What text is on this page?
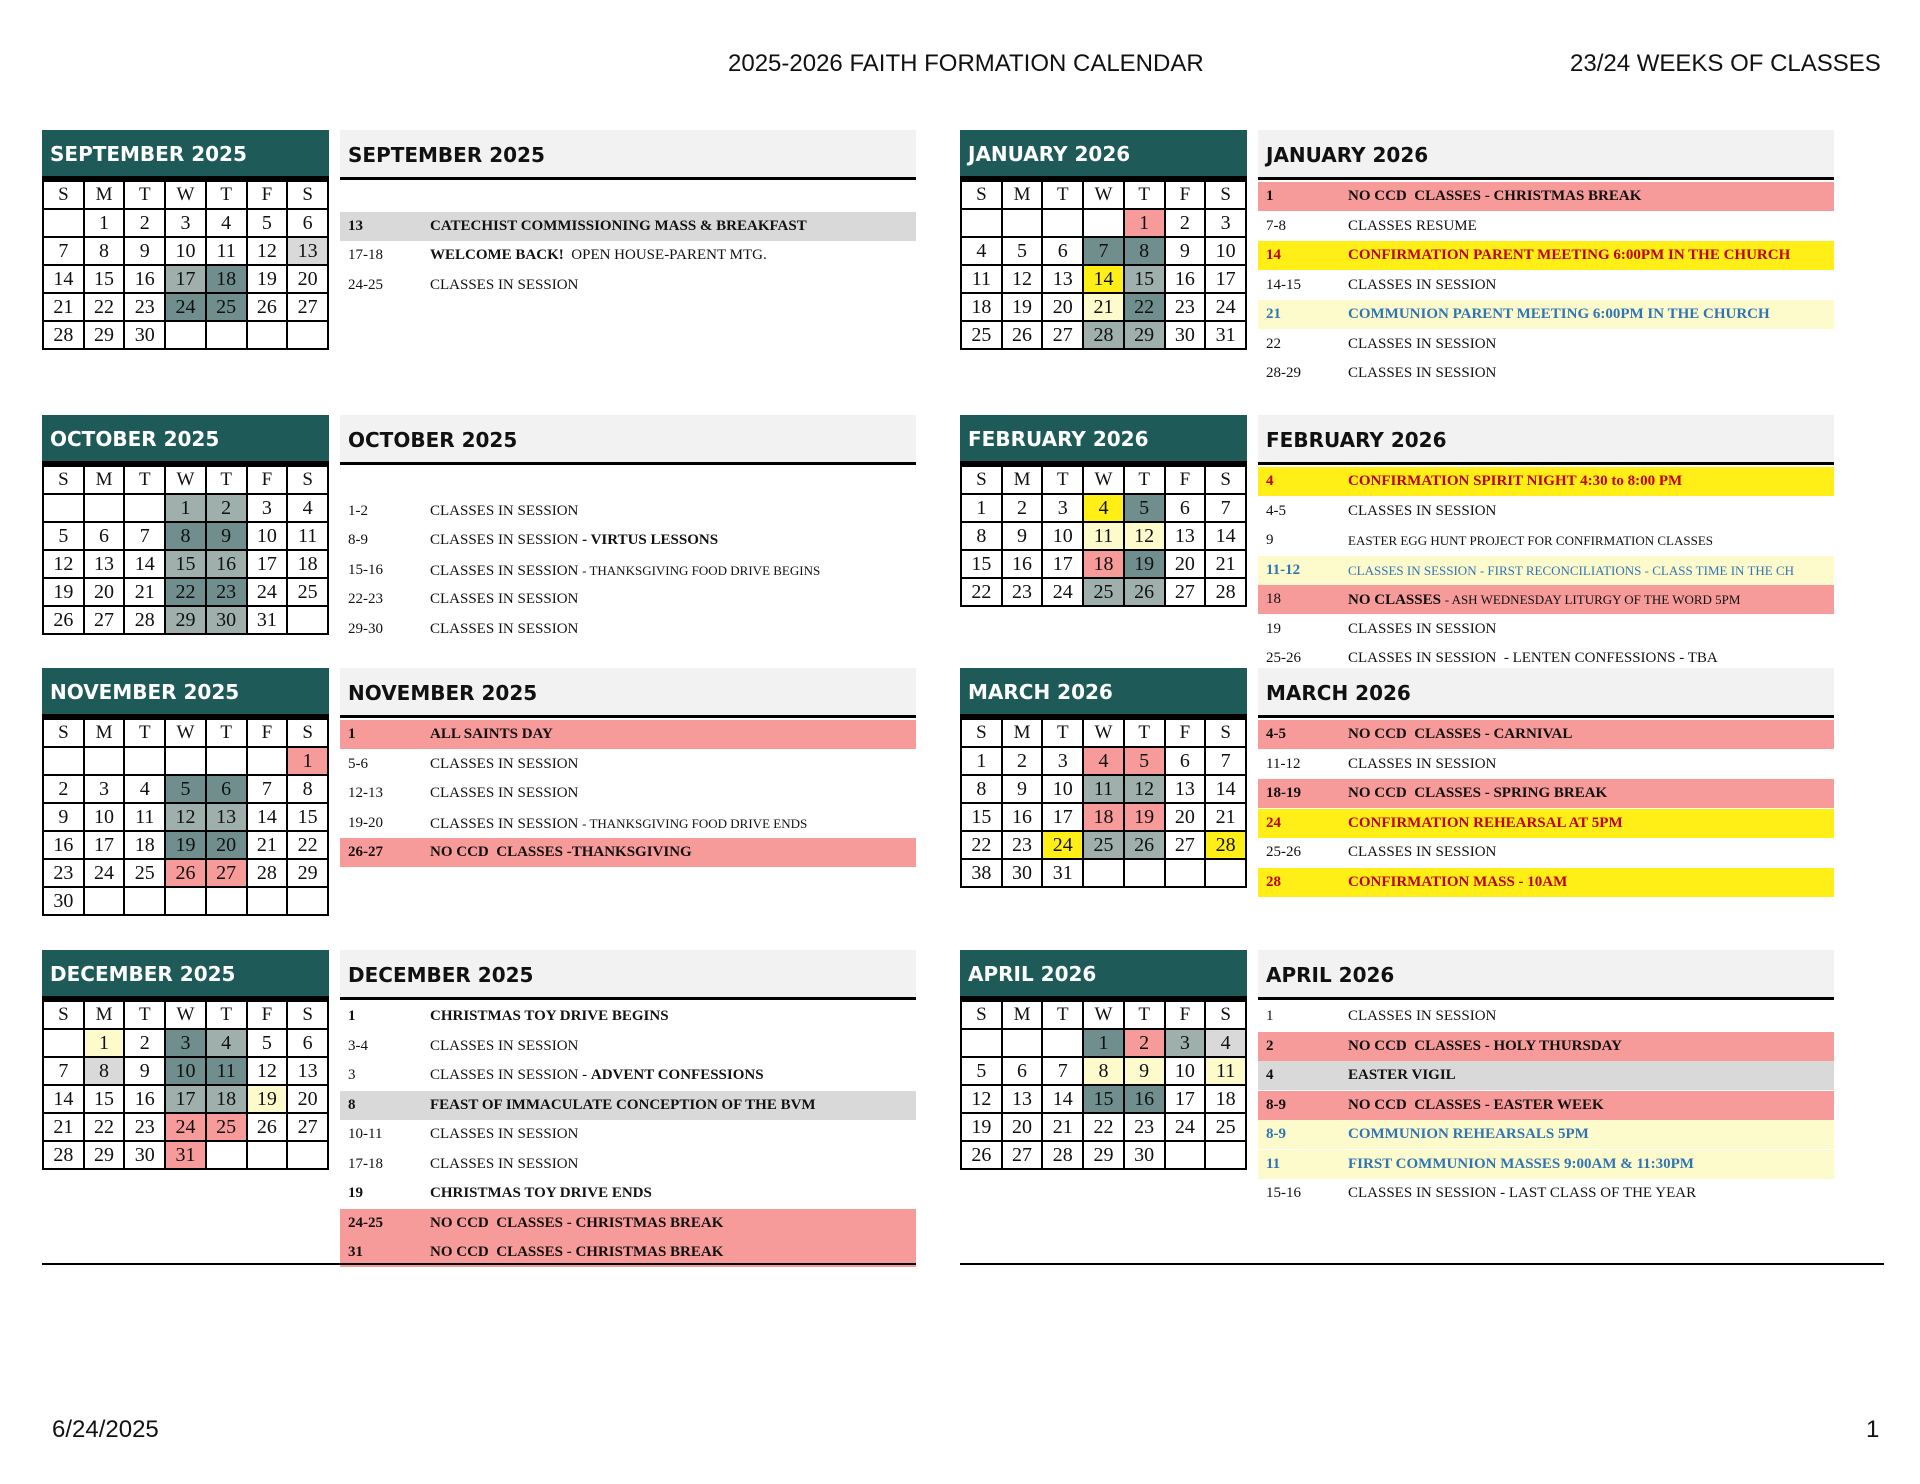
2025-2026 FAITH FORMATION CALENDAR	23/24 WEEKS OF CLASSES
SEPTEMBER 2025
S	M	T	W	T	F	S
	1	2	3	4	5	6
7	8	9	10	11	12	13
14	15	16	17	18	19	20
21	22	23	24	25	26	27
28	29	30				
SEPTEMBER 2025
13	CATECHIST COMMISSIONING MASS & BREAKFAST
17-18	WELCOME BACK!  OPEN HOUSE-PARENT MTG.
24-25	CLASSES IN SESSION
OCTOBER 2025
S	M	T	W	T	F	S
			1	2	3	4
5	6	7	8	9	10	11
12	13	14	15	16	17	18
19	20	21	22	23	24	25
26	27	28	29	30	31	
OCTOBER 2025
1-2	CLASSES IN SESSION
8-9	CLASSES IN SESSION - VIRTUS LESSONS
15-16	CLASSES IN SESSION - THANKSGIVING FOOD DRIVE BEGINS
22-23	CLASSES IN SESSION
29-30	CLASSES IN SESSION
NOVEMBER 2025
S	M	T	W	T	F	S
						1
2	3	4	5	6	7	8
9	10	11	12	13	14	15
16	17	18	19	20	21	22
23	24	25	26	27	28	29
30						
NOVEMBER 2025
1	ALL SAINTS DAY
5-6	CLASSES IN SESSION
12-13	CLASSES IN SESSION
19-20	CLASSES IN SESSION - THANKSGIVING FOOD DRIVE ENDS
26-27	NO CCD  CLASSES -THANKSGIVING
DECEMBER 2025
S	M	T	W	T	F	S
	1	2	3	4	5	6
7	8	9	10	11	12	13
14	15	16	17	18	19	20
21	22	23	24	25	26	27
28	29	30	31			
DECEMBER 2025
1	CHRISTMAS TOY DRIVE BEGINS
3-4	CLASSES IN SESSION
3	CLASSES IN SESSION - ADVENT CONFESSIONS
8	FEAST OF IMMACULATE CONCEPTION OF THE BVM
10-11	CLASSES IN SESSION
17-18	CLASSES IN SESSION
19	CHRISTMAS TOY DRIVE ENDS
24-25	NO CCD  CLASSES - CHRISTMAS BREAK
31	NO CCD  CLASSES - CHRISTMAS BREAK
JANUARY 2026
S	M	T	W	T	F	S
				1	2	3
4	5	6	7	8	9	10
11	12	13	14	15	16	17
18	19	20	21	22	23	24
25	26	27	28	29	30	31
JANUARY 2026
1	NO CCD  CLASSES - CHRISTMAS BREAK
7-8	CLASSES RESUME
14	CONFIRMATION PARENT MEETING 6:00PM IN THE CHURCH
14-15	CLASSES IN SESSION
21	COMMUNION PARENT MEETING 6:00PM IN THE CHURCH
22	CLASSES IN SESSION
28-29	CLASSES IN SESSION
FEBRUARY 2026
S	M	T	W	T	F	S
1	2	3	4	5	6	7
8	9	10	11	12	13	14
15	16	17	18	19	20	21
22	23	24	25	26	27	28
FEBRUARY 2026
4	CONFIRMATION SPIRIT NIGHT 4:30 to 8:00 PM
4-5	CLASSES IN SESSION
9	EASTER EGG HUNT PROJECT FOR CONFIRMATION CLASSES
11-12	CLASSES IN SESSION - FIRST RECONCILIATIONS - CLASS TIME IN THE CH
18	NO CLASSES - ASH WEDNESDAY LITURGY OF THE WORD 5PM
19	CLASSES IN SESSION
25-26	CLASSES IN SESSION  - LENTEN CONFESSIONS - TBA
MARCH 2026
S	M	T	W	T	F	S
1	2	3	4	5	6	7
8	9	10	11	12	13	14
15	16	17	18	19	20	21
22	23	24	25	26	27	28
38	30	31				
MARCH 2026
4-5	NO CCD  CLASSES - CARNIVAL
11-12	CLASSES IN SESSION
18-19	NO CCD  CLASSES - SPRING BREAK
24	CONFIRMATION REHEARSAL AT 5PM
25-26	CLASSES IN SESSION
28	CONFIRMATION MASS - 10AM
APRIL 2026
S	M	T	W	T	F	S
			1	2	3	4
5	6	7	8	9	10	11
12	13	14	15	16	17	18
19	20	21	22	23	24	25
26	27	28	29	30		
APRIL 2026
1	CLASSES IN SESSION
2	NO CCD  CLASSES - HOLY THURSDAY
4	EASTER VIGIL
8-9	NO CCD  CLASSES - EASTER WEEK
8-9	COMMUNION REHEARSALS 5PM
11	FIRST COMMUNION MASSES 9:00AM & 11:30PM
15-16	CLASSES IN SESSION - LAST CLASS OF THE YEAR
6/24/2025	1
